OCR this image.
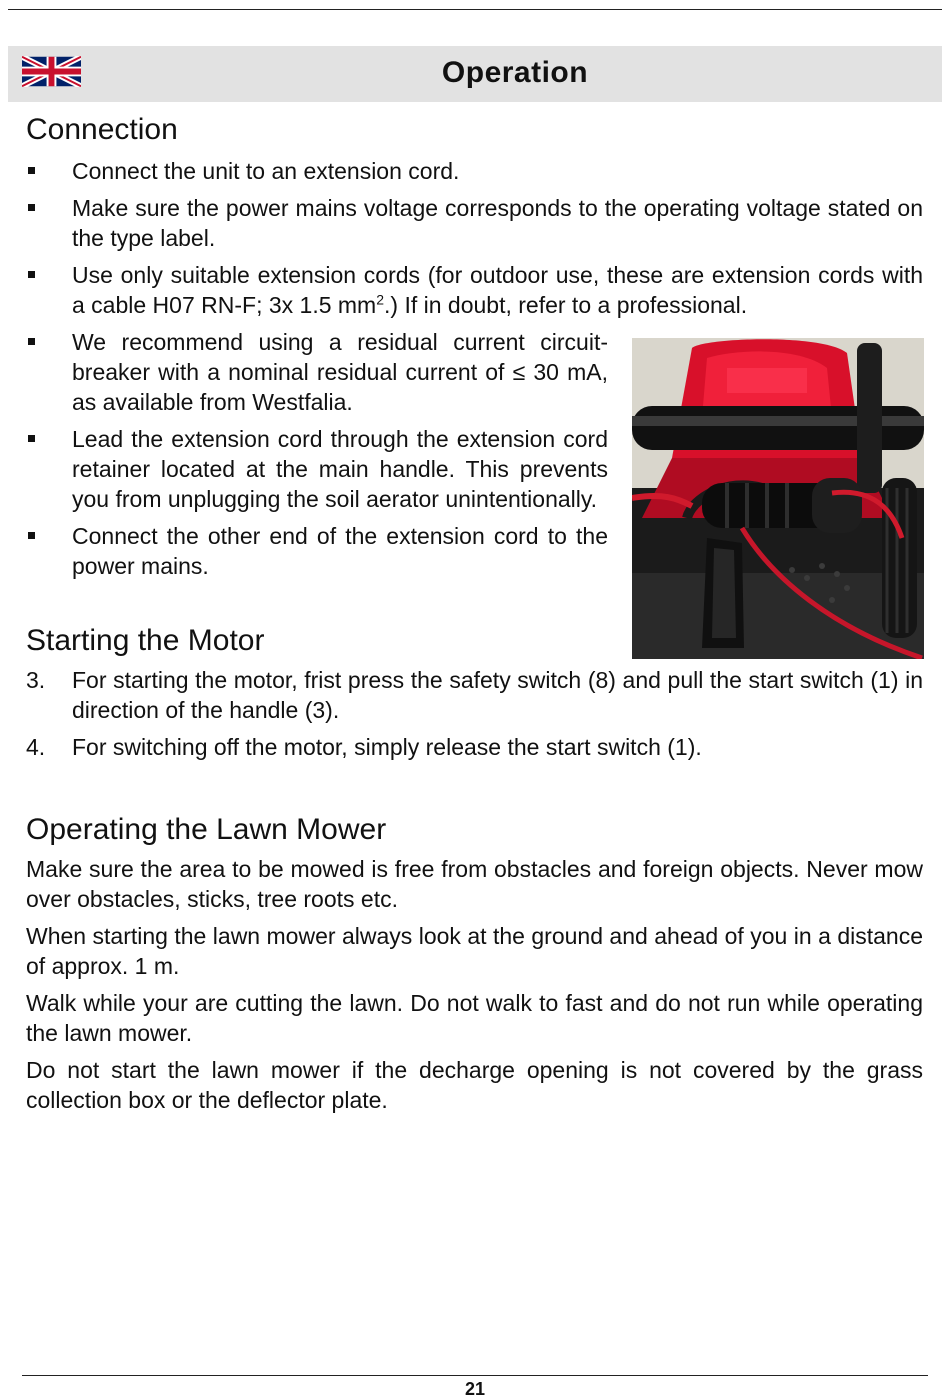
Operation
Connection
Connect the unit to an extension cord.
Make sure the power mains voltage corresponds to the operating voltage stated on the type label.
Use only suitable extension cords (for outdoor use, these are extension cords with a cable H07 RN-F; 3x 1.5 $mm^2$.) If in doubt, refer to a professional.
We recommend using a residual current circuit-breaker with a nominal residual current of ≤ 30 mA, as available from Westfalia.
Lead the extension cord through the extension cord retainer located at the main handle. This prevents you from unplugging the soil aerator unintentionally.
Connect the other end of the extension cord to the power mains.
Starting the Motor
3. For starting the motor, frist press the safety switch (8) and pull the start switch (1) in direction of the handle (3).
4. For switching off the motor, simply release the start switch (1).
Operating the Lawn Mower
Make sure the area to be mowed is free from obstacles and foreign objects. Never mow over obstacles, sticks, tree roots etc.
When starting the lawn mower always look at the ground and ahead of you in a distance of approx. 1 m.
Walk while your are cutting the lawn. Do not walk to fast and do not run while operating the lawn mower.
Do not start the lawn mower if the decharge opening is not covered by the grass collection box or the deflector plate.
21
